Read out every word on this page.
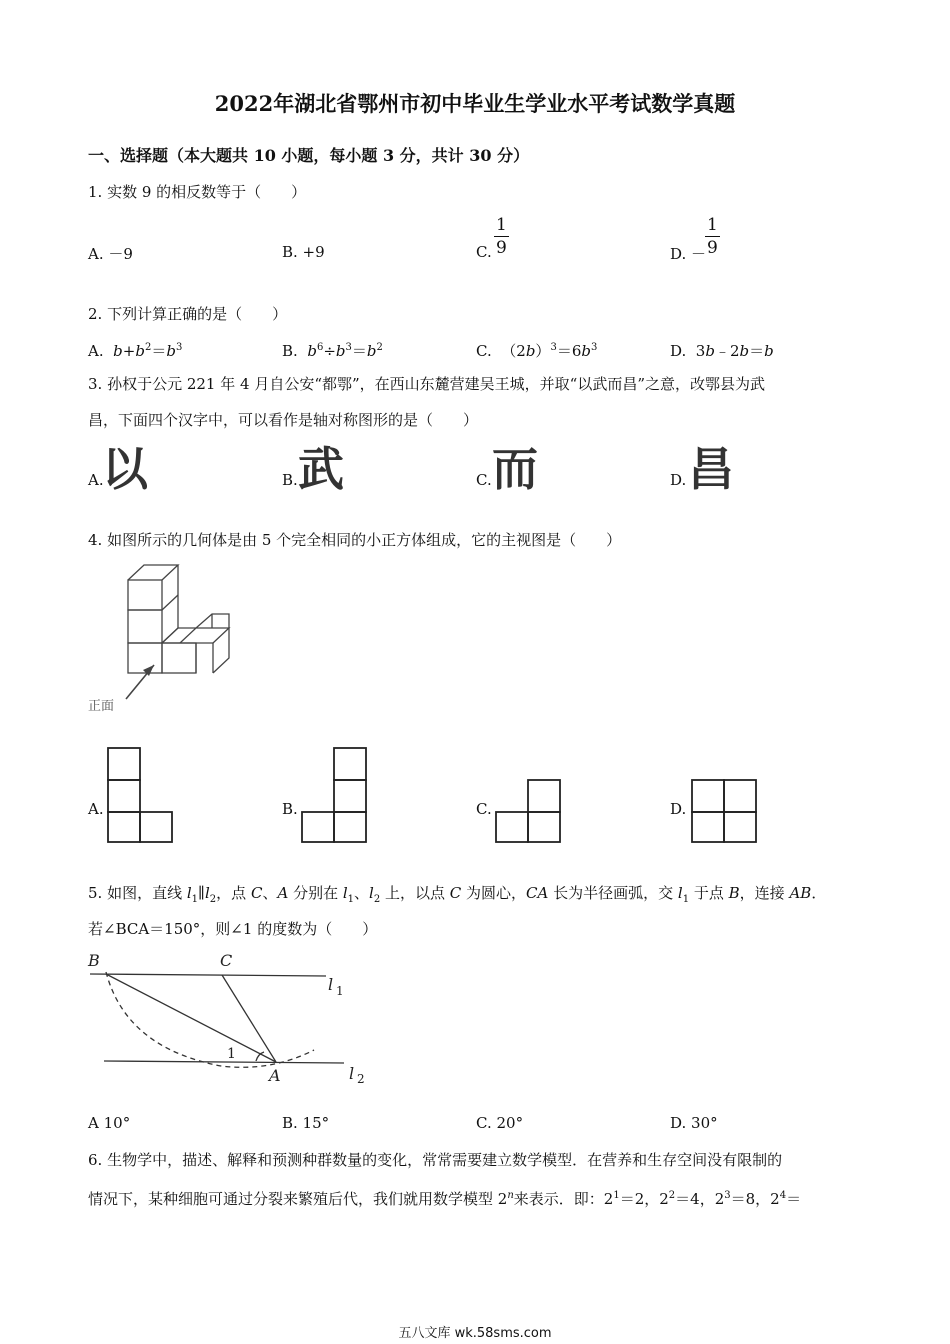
2022年湖北省鄂州市初中毕业生学业水平考试数学真题
一、选择题（本大题共 10 小题，每小题 3 分，共计 30 分）
1. 实数 9 的相反数等于（　　）
A. －9	B. +9	C. $\frac{1}{9}$	D. －
$\frac{1}{9}$
2. 下列计算正确的是（　　）
A. $b+b^2=b^3$	B. $b^6\div b^3=b^2$	C.  $(2b)^3=6b^3$	D.  3b﹣2b＝b
3. 孙权于公元 221 年 4 月自公安“都鄂”，在西山东麓营建吴王城，并取“以武而昌”之意，改鄂县为武
昌，下面四个汉字中，可以看作是轴对称图形的是（　　）
A.
以	B. 武	C. 而	D. 昌
4. 如图所示的几何体是由 5 个完全相同的小正方体组成，它的主视图是（　　）
正面
A.	B.	C.	D.
5. 如图，直线 $l_1\parallel l_2$，点 C、A 分别在 $l_1$、$l_2$ 上，以点 C 为圆心，CA 长为半径画弧，交 $l_1$ 于点 B，连接 AB．
若∠BCA＝150°，则∠1 的度数为（　　）
B	C
A
l
l
1
2
1
A 10°	B. 15°	C. 20°	D. 30°
6. 生物学中，描述、解释和预测种群数量的变化，常常需要建立数学模型．在营养和生存空间没有限制的
情况下，某种细胞可通过分裂来繁殖后代，我们就用数学模型 2$^n$来表示．即：$2^1=2$，$2^2=4$，$2^3=8$，$2^4=$
五八文库 wk.58sms.com
